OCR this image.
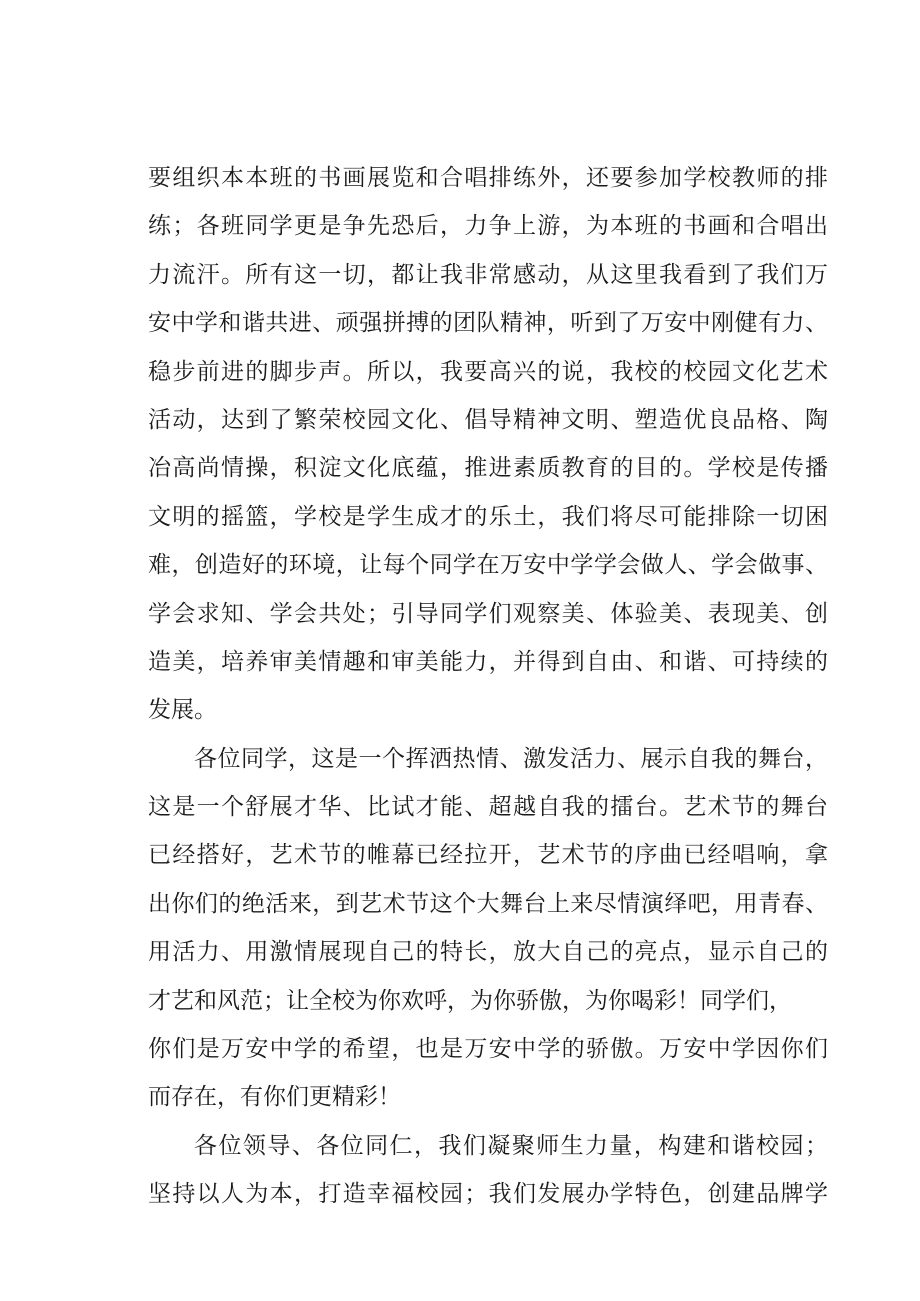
要组织本本班的书画展览和合唱排练外，还要参加学校教师的排
练；各班同学更是争先恐后，力争上游，为本班的书画和合唱出
力流汗。所有这一切，都让我非常感动，从这里我看到了我们万
安中学和谐共进、顽强拼搏的团队精神，听到了万安中刚健有力、
稳步前进的脚步声。所以，我要高兴的说，我校的校园文化艺术
活动，达到了繁荣校园文化、倡导精神文明、塑造优良品格、陶
冶高尚情操，积淀文化底蕴，推进素质教育的目的。学校是传播
文明的摇篮，学校是学生成才的乐土，我们将尽可能排除一切困
难，创造好的环境，让每个同学在万安中学学会做人、学会做事、
学会求知、学会共处；引导同学们观察美、体验美、表现美、创
造美，培养审美情趣和审美能力，并得到自由、和谐、可持续的
发展。
各位同学，这是一个挥洒热情、激发活力、展示自我的舞台，
这是一个舒展才华、比试才能、超越自我的擂台。艺术节的舞台
已经搭好，艺术节的帷幕已经拉开，艺术节的序曲已经唱响，拿
出你们的绝活来，到艺术节这个大舞台上来尽情演绎吧，用青春、
用活力、用激情展现自己的特长，放大自己的亮点，显示自己的
才艺和风范；让全校为你欢呼，为你骄傲，为你喝彩！同学们，
你们是万安中学的希望，也是万安中学的骄傲。万安中学因你们
而存在，有你们更精彩！
各位领导、各位同仁，我们凝聚师生力量，构建和谐校园；
坚持以人为本，打造幸福校园；我们发展办学特色，创建品牌学
